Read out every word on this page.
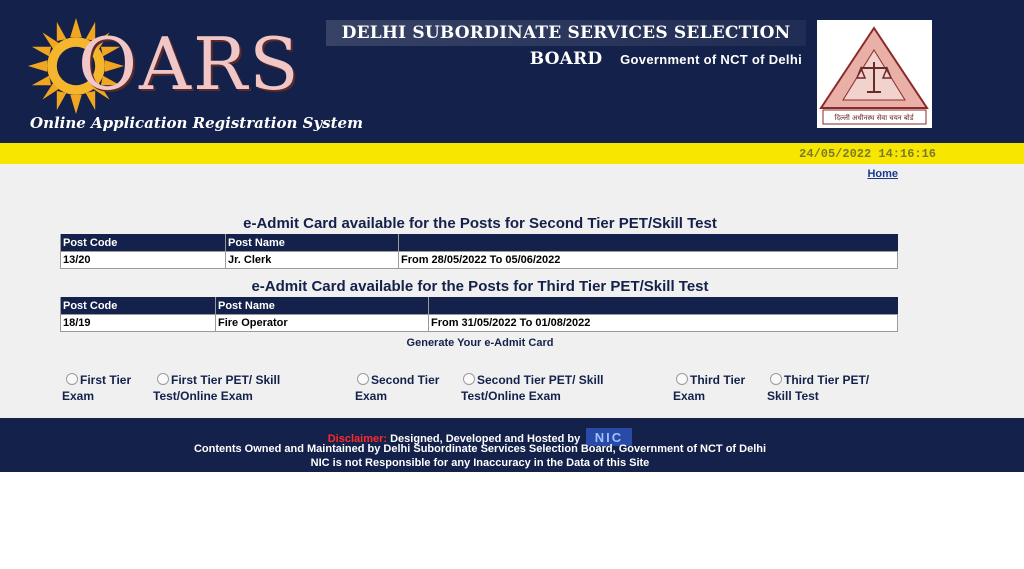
OARS
Online Application Registration System
DELHI SUBORDINATE SERVICES SELECTION BOARD	Government of NCT of Delhi
दिल्ली अधीनस्थ सेवा चयन बोर्ड
24/05/2022 14:16:16
Home
e-Admit Card available for the Posts for Second Tier PET/Skill Test
Post Code	Post Name	
13/20	Jr. Clerk	From 28/05/2022 To 05/06/2022
e-Admit Card available for the Posts for Third Tier PET/Skill Test
Post Code	Post Name	
18/19	Fire Operator	From 31/05/2022 To 01/08/2022
Generate Your e-Admit Card
First Tier
Exam
First Tier PET/ Skill
Test/Online Exam
Second Tier
Exam
Second Tier PET/ Skill
Test/Online Exam
Third Tier
Exam
Third Tier PET/
Skill Test
Disclaimer: Designed, Developed and Hosted by NIC
Contents Owned and Maintained by Delhi Subordinate Services Selection Board, Government of NCT of Delhi
NIC is not Responsible for any Inaccuracy in the Data of this Site
